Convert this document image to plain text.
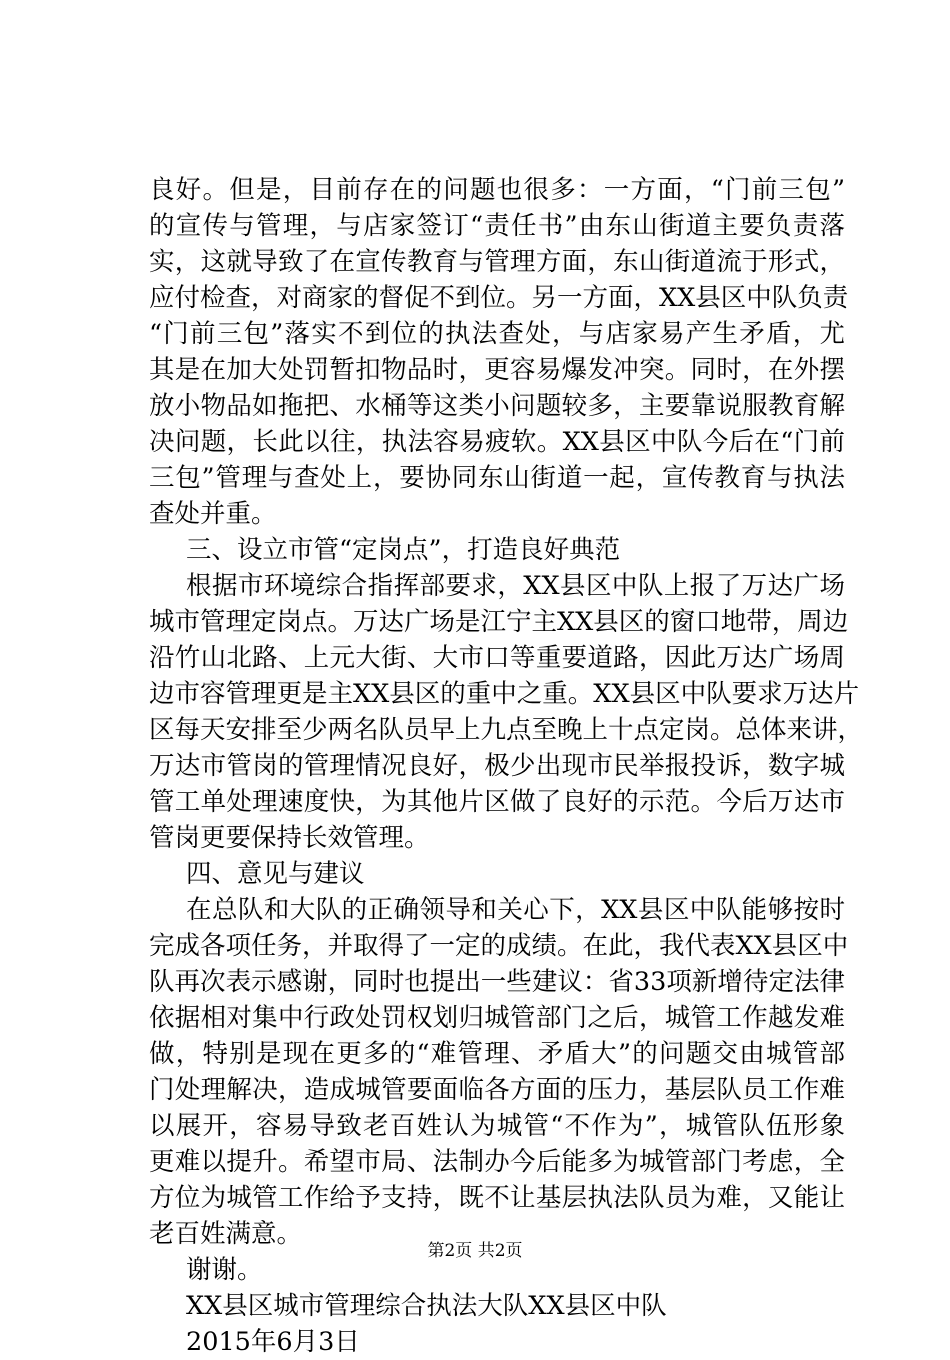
良好。但是，目前存在的问题也很多：一方面，“门前三包”
的宣传与管理，与店家签订“责任书”由东山街道主要负责落
实，这就导致了在宣传教育与管理方面，东山街道流于形式，
应付检查，对商家的督促不到位。另一方面，XX县区中队负责
“门前三包”落实不到位的执法查处，与店家易产生矛盾，尤
其是在加大处罚暂扣物品时，更容易爆发冲突。同时，在外摆
放小物品如拖把、水桶等这类小问题较多，主要靠说服教育解
决问题，长此以往，执法容易疲软。XX县区中队今后在“门前
三包”管理与查处上，要协同东山街道一起，宣传教育与执法
查处并重。
三、设立市管“定岗点”，打造良好典范
根据市环境综合指挥部要求，XX县区中队上报了万达广场
城市管理定岗点。万达广场是江宁主XX县区的窗口地带，周边
沿竹山北路、上元大街、大市口等重要道路，因此万达广场周
边市容管理更是主XX县区的重中之重。XX县区中队要求万达片
区每天安排至少两名队员早上九点至晚上十点定岗。总体来讲，
万达市管岗的管理情况良好，极少出现市民举报投诉，数字城
管工单处理速度快，为其他片区做了良好的示范。今后万达市
管岗更要保持长效管理。
四、意见与建议
在总队和大队的正确领导和关心下，XX县区中队能够按时
完成各项任务，并取得了一定的成绩。在此，我代表XX县区中
队再次表示感谢，同时也提出一些建议：省33项新增待定法律
依据相对集中行政处罚权划归城管部门之后，城管工作越发难
做，特别是现在更多的“难管理、矛盾大”的问题交由城管部
门处理解决，造成城管要面临各方面的压力，基层队员工作难
以展开，容易导致老百姓认为城管“不作为”，城管队伍形象
更难以提升。希望市局、法制办今后能多为城管部门考虑，全
方位为城管工作给予支持，既不让基层执法队员为难，又能让
老百姓满意。
谢谢。
XX县区城市管理综合执法大队XX县区中队
2015年6月3日
第2页 共2页
